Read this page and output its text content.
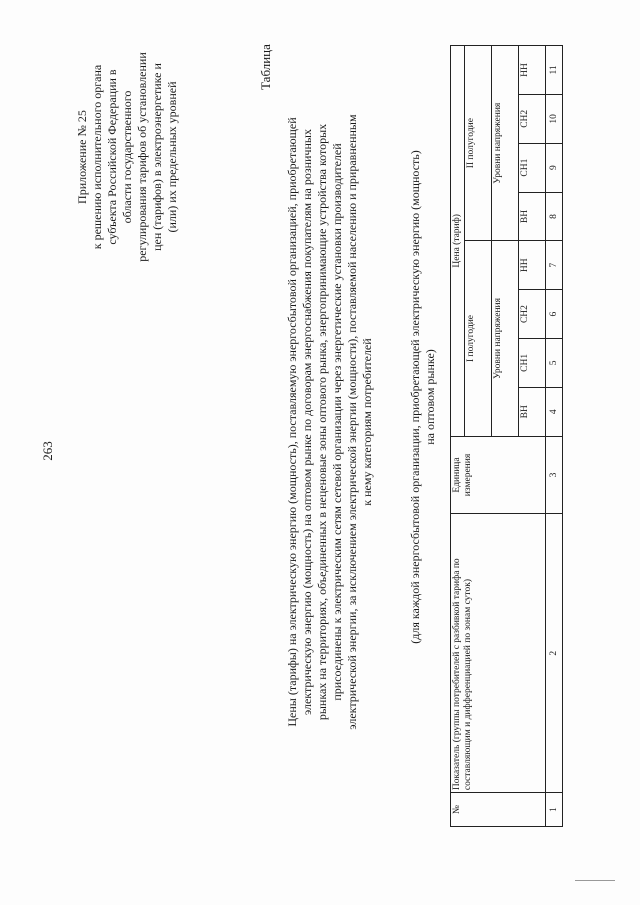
263
Приложение № 25 к решению исполнительного органа субъекта Российской Федерации в области государственного регулирования тарифов об установлении цен (тарифов) в электроэнергетике и (или) их предельных уровней
Таблица
Цены (тарифы) на электрическую энергию (мощность), поставляемую энергосбытовой организацией, приобретающей электрическую энергию (мощность) на оптовом рынке по договорам энергоснабжения покупателям на розничных рынках на территориях, объединенных в неценовые зоны оптового рынка, энергопринимающие устройства которых присоединены к электрическим сетям сетевой организации через энергетические установки производителей электрической энергии, за исключением электрической энергии (мощности), поставляемой населению и приравненным к нему категориям потребителей	(для каждой энергосбытовой организации, приобретающей электрическую энергию (мощность) на оптовом рынке)
№	Показатель (группы потребителей с разбивкой тарифа по составляющим и дифференциацией по зонам суток)	Единица измерения	Цена (тариф)							
			I полугодие				II полугодие			
			Уровни напряжения				Уровни напряжения			
			ВН	СН1	СН2	НН	ВН	СН1	СН2	НН
1	2	3	4	5	6	7	8	9	10	11
